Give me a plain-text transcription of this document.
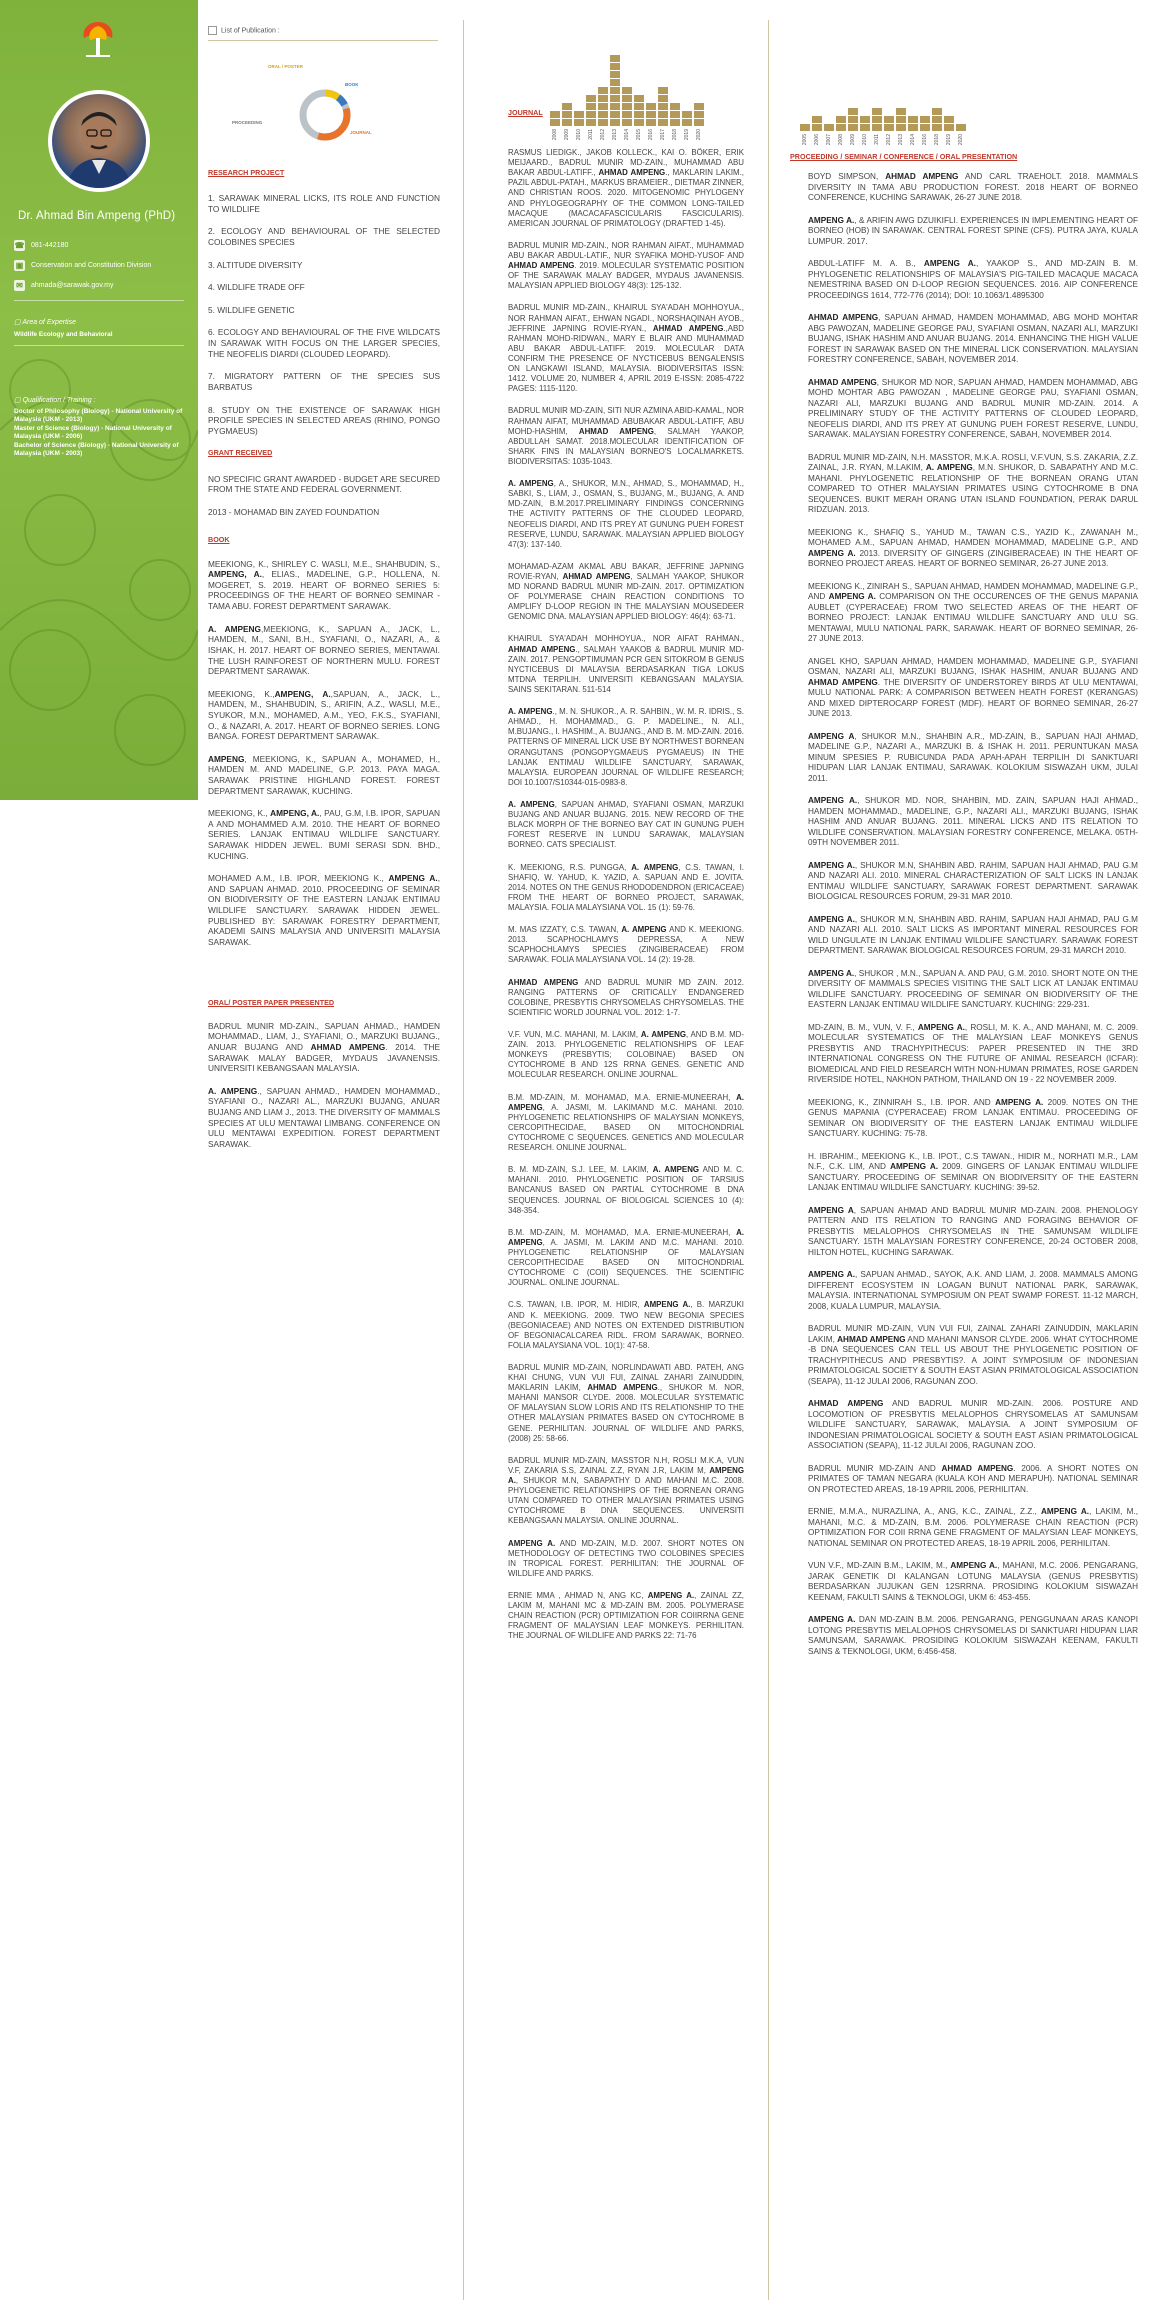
Dr. Ahmad Bin Ampeng (PhD)
☎ 081-442180
▣ Conservation and Constitution Division
✉	ahmada@sarawak.gov.my
▢ Area of Expertise
Wildlife Ecology and Behavioral
▢ Qualification / Training :
Doctor of Philosophy (Biology) - National University of Malaysia (UKM - 2013)
Master of Science (Biology) - National University of Malaysia (UKM - 2006)
Bachelor of Science (Biology) - National University of Malaysia (UKM - 2003)
List of Publication :
ORAL / POSTER
BOOK
PROCEEDING
JOURNAL
JOURNAL
2008 2009 2010 2011 2012 2013 2014 2015 2016 2017 2018 2019 2020	2005 2006 2007 2008 2009 2010 2011 2012 2013 2014 2016 2018 2019 2020
PROCEEDING / SEMINAR / CONFERENCE / ORAL PRESENTATION
RESEARCH PROJECT
1. SARAWAK MINERAL LICKS, ITS ROLE AND FUNCTION TO WILDLIFE
2. ECOLOGY AND BEHAVIOURAL OF THE SELECTED COLOBINES SPECIES
3. ALTITUDE DIVERSITY
4. WILDLIFE TRADE OFF
5. WILDLIFE GENETIC
6. ECOLOGY AND BEHAVIOURAL OF THE FIVE WILDCATS IN SARAWAK WITH FOCUS ON THE LARGER SPECIES, THE NEOFELIS DIARDI (CLOUDED LEOPARD).
7. MIGRATORY PATTERN OF THE SPECIES SUS BARBATUS
8. STUDY ON THE EXISTENCE OF SARAWAK HIGH PROFILE SPECIES IN SELECTED AREAS (RHINO, PONGO PYGMAEUS)
GRANT RECEIVED

NO SPECIFIC GRANT AWARDED - BUDGET ARE SECURED FROM THE STATE AND FEDERAL GOVERNMENT.

2013 - MOHAMAD BIN ZAYED FOUNDATION

BOOK

MEEKIONG, K., SHIRLEY C. WASLI, M.E., SHAHBUDIN, S., AMPENG, A., ELIAS., MADELINE, G.P., HOLLENA, N. MOGERET, S. 2019. HEART OF BORNEO SERIES 5: PROCEEDINGS OF THE HEART OF BORNEO SEMINAR - TAMA ABU. FOREST DEPARTMENT SARAWAK.

A. AMPENG,MEEKIONG, K., SAPUAN A., JACK, L., HAMDEN, M., SANI, B.H., SYAFIANI, O., NAZARI, A., & ISHAK, H. 2017. HEART OF BORNEO SERIES, MENTAWAI. THE LUSH RAINFOREST OF NORTHERN MULU. FOREST DEPARTMENT SARAWAK.

MEEKIONG, K.,AMPENG, A.,SAPUAN, A., JACK, L., HAMDEN, M., SHAHBUDIN, S., ARIFIN, A.Z., WASLI, M.E., SYUKOR, M.N., MOHAMED, A.M., YEO, F.K.S., SYAFIANI, O., & NAZARI, A. 2017. HEART OF BORNEO SERIES. LONG BANGA. FOREST DEPARTMENT SARAWAK.

AMPENG, MEEKIONG, K., SAPUAN A., MOHAMED, H., HAMDEN M. AND MADELINE, G.P. 2013. PAYA MAGA. SARAWAK PRISTINE HIGHLAND FOREST. FOREST DEPARTMENT SARAWAK, KUCHING.

MEEKIONG, K., AMPENG, A., PAU, G.M, I.B. IPOR, SAPUAN A AND MOHAMMED A.M. 2010. THE HEART OF BORNEO SERIES. LANJAK ENTIMAU WILDLIFE SANCTUARY. SARAWAK HIDDEN JEWEL. BUMI SERASI SDN. BHD., KUCHING.

MOHAMED A.M., I.B. IPOR, MEEKIONG K., AMPENG A., AND SAPUAN AHMAD. 2010. PROCEEDING OF SEMINAR ON BIODIVERSITY OF THE EASTERN LANJAK ENTIMAU WILDLIFE SANCTUARY. SARAWAK HIDDEN JEWEL. PUBLISHED BY: SARAWAK FORESTRY DEPARTMENT, AKADEMI SAINS MALAYSIA AND UNIVERSITI MALAYSIA SARAWAK.

ORAL/ POSTER PAPER PRESENTED

BADRUL MUNIR MD-ZAIN., SAPUAN AHMAD., HAMDEN MOHAMMAD., LIAM, J., SYAFIANI, O., MARZUKI BUJANG., ANUAR BUJANG AND AHMAD AMPENG. 2014. THE SARAWAK MALAY BADGER, MYDAUS JAVANENSIS. UNIVERSITI KEBANGSAAN MALAYSIA.

A. AMPENG., SAPUAN AHMAD., HAMDEN MOHAMMAD., SYAFIANI O., NAZARI AL., MARZUKI BUJANG, ANUAR BUJANG AND LIAM J., 2013. THE DIVERSITY OF MAMMALS SPECIES AT ULU MENTAWAI LIMBANG. CONFERENCE ON ULU MENTAWAI EXPEDITION. FOREST DEPARTMENT SARAWAK.

RASMUS LIEDIGK., JAKOB KOLLECK., KAI O. BÖKER, ERIK MEIJAARD., BADRUL MUNIR MD-ZAIN., MUHAMMAD ABU BAKAR ABDUL-LATIFF., AHMAD AMPENG., MAKLARIN LAKIM., PAZIL ABDUL-PATAH., MARKUS BRAMEIER., DIETMAR ZINNER, AND CHRISTIAN ROOS. 2020. MITOGENOMIC PHYLOGENY AND PHYLOGEOGRAPHY OF THE COMMON LONG-TAILED MACAQUE (MACACAFASCICULARIS FASCICULARIS). AMERICAN JOURNAL OF PRIMATOLOGY (DRAFTED 1-45).

BADRUL MUNIR MD-ZAIN., NOR RAHMAN AIFAT., MUHAMMAD ABU BAKAR ABDUL-LATIF., NUR SYAFIKA MOHD-YUSOF AND AHMAD AMPENG. 2019. MOLECULAR SYSTEMATIC POSITION OF THE SARAWAK MALAY BADGER, MYDAUS JAVANENSIS. MALAYSIAN APPLIED BIOLOGY 48(3): 125-132.

BADRUL MUNIR MD-ZAIN., KHAIRUL SYA'ADAH MOHHOYUA., NOR RAHMAN AIFAT., EHWAN NGADI., NORSHAQINAH AYOB., JEFFRINE JAPNING ROVIE-RYAN., AHMAD AMPENG.,ABD RAHMAN MOHD-RIDWAN., MARY E BLAIR AND MUHAMMAD ABU BAKAR ABDUL-LATIFF. 2019. MOLECULAR DATA CONFIRM THE PRESENCE OF NYCTICEBUS BENGALENSIS ON LANGKAWI ISLAND, MALAYSIA. BIODIVERSITAS ISSN: 1412. VOLUME 20, NUMBER 4, APRIL 2019 E-ISSN: 2085-4722 PAGES: 1115-1120.

BADRUL MUNIR MD-ZAIN, SITI NUR AZMINA ABID-KAMAL, NOR RAHMAN AIFAT, MUHAMMAD ABUBAKAR ABDUL-LATIFF, ABU MOHD-HASHIM, AHMAD AMPENG, SALMAH YAAKOP, ABDULLAH SAMAT. 2018.MOLECULAR IDENTIFICATION OF SHARK FINS IN MALAYSIAN BORNEO'S LOCALMARKETS. BIODIVERSITAS: 1035-1043.

A. AMPENG, A., SHUKOR, M.N., AHMAD, S., MOHAMMAD, H., SABKI, S., LIAM, J., OSMAN, S., BUJANG, M., BUJANG, A. AND MD-ZAIN, B.M.2017.PRELIMINARY FINDINGS CONCERNING THE ACTIVITY PATTERNS OF THE CLOUDED LEOPARD, NEOFELIS DIARDI, AND ITS PREY AT GUNUNG PUEH FOREST RESERVE, LUNDU, SARAWAK. MALAYSIAN APPLIED BIOLOGY 47(3): 137-140.

MOHAMAD-AZAM AKMAL ABU BAKAR, JEFFRINE JAPNING ROVIE-RYAN, AHMAD AMPENG, SALMAH YAAKOP, SHUKOR MD NORAND BADRUL MUNIR MD-ZAIN. 2017. OPTIMIZATION OF POLYMERASE CHAIN REACTION CONDITIONS TO AMPLIFY D-LOOP REGION IN THE MALAYSIAN MOUSEDEER GENOMIC DNA. MALAYSIAN APPLIED BIOLOGY: 46(4): 63-71.

KHAIRUL SYA'ADAH MOHHOYUA., NOR AIFAT RAHMAN., AHMAD AMPENG., SALMAH YAAKOB & BADRUL MUNIR MD-ZAIN. 2017. PENGOPTIMUMAN PCR GEN SITOKROM B GENUS NYCTICEBUS DI MALAYSIA BERDASARKAN TIGA LOKUS MTDNA TERPILIH. UNIVERSITI KEBANGSAAN MALAYSIA. SAINS SEKITARAN. 511-514

A. AMPENG., M. N. SHUKOR., A. R. SAHBIN., W. M. R. IDRIS., S. AHMAD., H. MOHAMMAD., G. P. MADELINE., N. ALI., M.BUJANG., I. HASHIM., A. BUJANG., AND B. M. MD-ZAIN. 2016. PATTERNS OF MINERAL LICK USE BY NORTHWEST BORNEAN ORANGUTANS (PONGOPYGMAEUS PYGMAEUS) IN THE LANJAK ENTIMAU WILDLIFE SANCTUARY, SARAWAK, MALAYSIA. EUROPEAN JOURNAL OF WILDLIFE RESEARCH; DOI 10.1007/S10344-015-0983-8.

A. AMPENG, SAPUAN AHMAD, SYAFIANI OSMAN, MARZUKI BUJANG AND ANUAR BUJANG. 2015. NEW RECORD OF THE BLACK MORPH OF THE BORNEO BAY CAT IN GUNUNG PUEH FOREST RESERVE IN LUNDU SARAWAK, MALAYSIAN BORNEO. CATS SPECIALIST.

K. MEEKIONG, R.S. PUNGGA, A. AMPENG, C.S. TAWAN, I. SHAFIQ, W. YAHUD, K. YAZID, A. SAPUAN AND E. JOVITA. 2014. NOTES ON THE GENUS RHODODENDRON (ERICACEAE) FROM THE HEART OF BORNEO PROJECT, SARAWAK, MALAYSIA. FOLIA MALAYSIANA VOL. 15 (1): 59-76.

M. MAS IZZATY, C.S. TAWAN, A. AMPENG AND K. MEEKIONG. 2013. SCAPHOCHLAMYS DEPRESSA, A NEW SCAPHOCHLAMYS SPECIES (ZINGIBERACEAE) FROM SARAWAK. FOLIA MALAYSIANA VOL. 14 (2): 19-28.

AHMAD AMPENG AND BADRUL MUNIR MD ZAIN. 2012. RANGING PATTERNS OF CRITICALLY ENDANGERED COLOBINE, PRESBYTIS CHRYSOMELAS CHRYSOMELAS. THE SCIENTIFIC WORLD JOURNAL VOL. 2012: 1-7.

V.F. VUN, M.C. MAHANI, M. LAKIM, A. AMPENG, AND B.M. MD-ZAIN. 2013. PHYLOGENETIC RELATIONSHIPS OF LEAF MONKEYS (PRESBYTIS; COLOBINAE) BASED ON CYTOCHROME B AND 12S RRNA GENES. GENETIC AND MOLECULAR RESEARCH. ONLINE JOURNAL.

B.M. MD-ZAIN, M. MOHAMAD, M.A. ERNIE-MUNEERAH, A. AMPENG, A. JASMI, M. LAKIMAND M.C. MAHANI. 2010. PHYLOGENETIC RELATIONSHIPS OF MALAYSIAN MONKEYS, CERCOPITHECIDAE, BASED ON MITOCHONDRIAL CYTOCHROME C SEQUENCES. GENETICS AND MOLECULAR RESEARCH. ONLINE JOURNAL.

B. M. MD-ZAIN, S.J. LEE, M. LAKIM, A. AMPENG AND M. C. MAHANI. 2010. PHYLOGENETIC POSITION OF TARSIUS BANCANUS BASED ON PARTIAL CYTOCHROME B DNA SEQUENCES. JOURNAL OF BIOLOGICAL SCIENCES 10 (4): 348-354.

B.M. MD-ZAIN, M. MOHAMAD, M.A. ERNIE-MUNEERAH, A. AMPENG, A. JASMI, M. LAKIM AND M.C. MAHANI. 2010. PHYLOGENETIC RELATIONSHIP OF MALAYSIAN CERCOPITHECIDAE BASED ON MITOCHONDRIAL CYTOCHROME C (COII) SEQUENCES. THE SCIENTIFIC JOURNAL. ONLINE JOURNAL.

C.S. TAWAN, I.B. IPOR, M. HIDIR, AMPENG A., B. MARZUKI AND K. MEEKIONG. 2009. TWO NEW BEGONIA SPECIES (BEGONIACEAE) AND NOTES ON EXTENDED DISTRIBUTION OF BEGONIACALCAREA RIDL. FROM SARAWAK, BORNEO. FOLIA MALAYSIANA VOL. 10(1): 47-58.

BADRUL MUNIR MD-ZAIN, NORLINDAWATI ABD. PATEH, ANG KHAI CHUNG, VUN VUI FUI, ZAINAL ZAHARI ZAINUDDIN, MAKLARIN LAKIM, AHMAD AMPENG., SHUKOR M. NOR, MAHANI MANSOR CLYDE. 2008. MOLECULAR SYSTEMATIC OF MALAYSIAN SLOW LORIS AND ITS RELATIONSHIP TO THE OTHER MALAYSIAN PRIMATES BASED ON CYTOCHROME B GENE. PERHILITAN. JOURNAL OF WILDLIFE AND PARKS, (2008) 25: 58-66.

BADRUL MUNIR MD-ZAIN, MASSTOR N.H, ROSLI M.K.A, VUN V.F, ZAKARIA S.S, ZAINAL Z.Z, RYAN J.R, LAKIM M, AMPENG A., SHUKOR M.N, SABAPATHY D AND MAHANI M.C. 2008. PHYLOGENETIC RELATIONSHIPS OF THE BORNEAN ORANG UTAN COMPARED TO OTHER MALAYSIAN PRIMATES USING CYTOCHROME B DNA SEQUENCES. UNIVERSITI KEBANGSAAN MALAYSIA. ONLINE JOURNAL.

AMPENG A. AND MD-ZAIN, M.D. 2007. SHORT NOTES ON METHODOLOGY OF DETECTING TWO COLOBINES SPECIES IN TROPICAL FOREST. PERHILITAN: THE JOURNAL OF WILDLIFE AND PARKS.

ERNIE MMA , AHMAD N, ANG KC, AMPENG A., ZAINAL ZZ, LAKIM M, MAHANI MC & MD-ZAIN BM. 2005. POLYMERASE CHAIN REACTION (PCR) OPTIMIZATION FOR COIIRRNA GENE FRAGMENT OF MALAYSIAN LEAF MONKEYS. PERHILITAN. THE JOURNAL OF WILDLIFE AND PARKS 22: 71-76

BOYD SIMPSON, AHMAD AMPENG AND CARL TRAEHOLT. 2018. MAMMALS DIVERSITY IN TAMA ABU PRODUCTION FOREST. 2018 HEART OF BORNEO CONFERENCE, KUCHING SARAWAK, 26-27 JUNE 2018.

AMPENG A., & ARIFIN AWG DZUIKIFLI. EXPERIENCES IN IMPLEMENTING HEART OF BORNEO (HOB) IN SARAWAK. CENTRAL FOREST SPINE (CFS). PUTRA JAYA, KUALA LUMPUR. 2017.

ABDUL-LATIFF M. A. B., AMPENG A., YAAKOP S., AND MD-ZAIN B. M. PHYLOGENETIC RELATIONSHIPS OF MALAYSIA'S PIG-TAILED MACAQUE MACACA NEMESTRINA BASED ON D-LOOP REGION SEQUENCES. 2016. AIP CONFERENCE PROCEEDINGS 1614, 772-776 (2014); DOI: 10.1063/1.4895300

AHMAD AMPENG, SAPUAN AHMAD, HAMDEN MOHAMMAD, ABG MOHD MOHTAR ABG PAWOZAN, MADELINE GEORGE PAU, SYAFIANI OSMAN, NAZARI ALI, MARZUKI BUJANG, ISHAK HASHIM AND ANUAR BUJANG. 2014. ENHANCING THE HIGH VALUE FOREST IN SARAWAK BASED ON THE MINERAL LICK CONSERVATION. MALAYSIAN FORESTRY CONFERENCE, SABAH, NOVEMBER 2014.

AHMAD AMPENG, SHUKOR MD NOR, SAPUAN AHMAD, HAMDEN MOHAMMAD, ABG MOHD MOHTAR ABG PAWOZAN , MADELINE GEORGE PAU, SYAFIANI OSMAN, NAZARI ALI, MARZUKI BUJANG AND BADRUL MUNIR MD-ZAIN. 2014. A PRELIMINARY STUDY OF THE ACTIVITY PATTERNS OF CLOUDED LEOPARD, NEOFELIS DIARDI, AND ITS PREY AT GUNUNG PUEH FOREST RESERVE, LUNDU, SARAWAK. MALAYSIAN FORESTRY CONFERENCE, SABAH, NOVEMBER 2014.

BADRUL MUNIR MD-ZAIN, N.H. MASSTOR, M.K.A. ROSLI, V.F.VUN, S.S. ZAKARIA, Z.Z. ZAINAL, J.R. RYAN, M.LAKIM, A. AMPENG, M.N. SHUKOR, D. SABAPATHY AND M.C. MAHANI. PHYLOGENETIC RELATIONSHIP OF THE BORNEAN ORANG UTAN COMPARED TO OTHER MALAYSIAN PRIMATES USING CYTOCHROME B DNA SEQUENCES. BUKIT MERAH ORANG UTAN ISLAND FOUNDATION, PERAK DARUL RIDZUAN. 2013.

MEEKIONG K., SHAFIQ S., YAHUD M., TAWAN C.S., YAZID K., ZAWANAH M., MOHAMED A.M., SAPUAN AHMAD, HAMDEN MOHAMMAD, MADELINE G.P., AND AMPENG A. 2013. DIVERSITY OF GINGERS (ZINGIBERACEAE) IN THE HEART OF BORNEO PROJECT AREAS. HEART OF BORNEO SEMINAR, 26-27 JUNE 2013.

MEEKIONG K., ZINIRAH S., SAPUAN AHMAD, HAMDEN MOHAMMAD, MADELINE G.P., AND AMPENG A. COMPARISON ON THE OCCURENCES OF THE GENUS MAPANIA AUBLET (CYPERACEAE) FROM TWO SELECTED AREAS OF THE HEART OF BORNEO PROJECT: LANJAK ENTIMAU WILDLIFE SANCTUARY AND ULU SG. MENTAWAI, MULU NATIONAL PARK, SARAWAK. HEART OF BORNEO SEMINAR, 26-27 JUNE 2013.

ANGEL KHO, SAPUAN AHMAD, HAMDEN MOHAMMAD, MADELINE G.P., SYAFIANI OSMAN, NAZARI ALI, MARZUKI BUJANG, ISHAK HASHIM, ANUAR BUJANG AND AHMAD AMPENG. THE DIVERSITY OF UNDERSTOREY BIRDS AT ULU MENTAWAI, MULU NATIONAL PARK: A COMPARISON BETWEEN HEATH FOREST (KERANGAS) AND MIXED DIPTEROCARP FOREST (MDF). HEART OF BORNEO SEMINAR, 26-27 JUNE 2013.

AMPENG A, SHUKOR M.N., SHAHBIN A.R., MD-ZAIN, B., SAPUAN HAJI AHMAD, MADELINE G.P., NAZARI A., MARZUKI B. & ISHAK H. 2011. PERUNTUKAN MASA MINUM SPESIES P. RUBICUNDA PADA APAH-APAH TERPILIH DI SANKTUARI HIDUPAN LIAR LANJAK ENTIMAU, SARAWAK. KOLOKIUM SISWAZAH UKM, JULAI 2011.

AMPENG A., SHUKOR MD. NOR, SHAHBIN, MD. ZAIN, SAPUAN HAJI AHMAD., HAMDEN MOHAMMAD., MADELINE, G.P., NAZARI ALI., MARZUKI BUJANG, ISHAK HASHIM AND ANUAR BUJANG. 2011. MINERAL LICKS AND ITS RELATION TO WILDLIFE CONSERVATION. MALAYSIAN FORESTRY CONFERENCE, MELAKA. 05TH-09TH NOVEMBER 2011.

AMPENG A., SHUKOR M.N, SHAHBIN ABD. RAHIM, SAPUAN HAJI AHMAD, PAU G.M AND NAZARI ALI. 2010. MINERAL CHARACTERIZATION OF SALT LICKS IN LANJAK ENTIMAU WILDLIFE SANCTUARY, SARAWAK FOREST DEPARTMENT. SARAWAK BIOLOGICAL RESOURCES FORUM, 29-31 MAR 2010.

AMPENG A., SHUKOR M.N, SHAHBIN ABD. RAHIM, SAPUAN HAJI AHMAD, PAU G.M AND NAZARI ALI. 2010. SALT LICKS AS IMPORTANT MINERAL RESOURCES FOR WILD UNGULATE IN LANJAK ENTIMAU WILDLIFE SANCTUARY. SARAWAK FOREST DEPARTMENT. SARAWAK BIOLOGICAL RESOURCES FORUM, 29-31 MARCH 2010.

AMPENG A., SHUKOR , M.N., SAPUAN A. AND PAU, G.M. 2010. SHORT NOTE ON THE DIVERSITY OF MAMMALS SPECIES VISITING THE SALT LICK AT LANJAK ENTIMAU WILDLIFE SANCTUARY. PROCEEDING OF SEMINAR ON BIODIVERSITY OF THE EASTERN LANJAK ENTIMAU WILDLIFE SANCTUARY. KUCHING: 229-231.

MD-ZAIN, B. M., VUN, V. F., AMPENG A., ROSLI, M. K. A., AND MAHANI, M. C. 2009. MOLECULAR SYSTEMATICS OF THE MALAYSIAN LEAF MONKEYS GENUS PRESBYTIS AND TRACHYPITHECUS: PAPER PRESENTED IN THE 3RD INTERNATIONAL CONGRESS ON THE FUTURE OF ANIMAL RESEARCH (ICFAR): BIOMEDICAL AND FIELD RESEARCH WITH NON-HUMAN PRIMATES, ROSE GARDEN RIVERSIDE HOTEL, NAKHON PATHOM, THAILAND ON 19 - 22 NOVEMBER 2009.

MEEKIONG, K., ZINNIRAH S., I.B. IPOR. AND AMPENG A. 2009. NOTES ON THE GENUS MAPANIA (CYPERACEAE) FROM LANJAK ENTIMAU. PROCEEDING OF SEMINAR ON BIODIVERSITY OF THE EASTERN LANJAK ENTIMAU WILDLIFE SANCTUARY. KUCHING: 75-78.

H. IBRAHIM., MEEKIONG K., I.B. IPOT., C.S TAWAN., HIDIR M., NORHATI M.R., LAM N.F., C.K. LIM, AND AMPENG A. 2009. GINGERS OF LANJAK ENTIMAU WILDLIFE SANCTUARY. PROCEEDING OF SEMINAR ON BIODIVERSITY OF THE EASTERN LANJAK ENTIMAU WILDLIFE SANCTUARY. KUCHING: 39-52.

AMPENG A, SAPUAN AHMAD AND BADRUL MUNIR MD-ZAIN. 2008. PHENOLOGY PATTERN AND ITS RELATION TO RANGING AND FORAGING BEHAVIOR OF PRESBYTIS MELALOPHOS CHRYSOMELAS IN THE SAMUNSAM WILDLIFE SANCTUARY. 15TH MALAYSIAN FORESTRY CONFERENCE, 20-24 OCTOBER 2008, HILTON HOTEL, KUCHING SARAWAK.

AMPENG A., SAPUAN AHMAD., SAYOK, A.K. AND LIAM, J. 2008. MAMMALS AMONG DIFFERENT ECOSYSTEM IN LOAGAN BUNUT NATIONAL PARK, SARAWAK, MALAYSIA. INTERNATIONAL SYMPOSIUM ON PEAT SWAMP FOREST. 11-12 MARCH, 2008, KUALA LUMPUR, MALAYSIA.

BADRUL MUNIR MD-ZAIN, VUN VUI FUI, ZAINAL ZAHARI ZAINUDDIN, MAKLARIN LAKIM, AHMAD AMPENG AND MAHANI MANSOR CLYDE. 2006. WHAT CYTOCHROME -B DNA SEQUENCES CAN TELL US ABOUT THE PHYLOGENETIC POSITION OF TRACHYPITHECUS AND PRESBYTIS?. A JOINT SYMPOSIUM OF INDONESIAN PRIMATOLOGICAL SOCIETY & SOUTH EAST ASIAN PRIMATOLOGICAL ASSOCIATION (SEAPA), 11-12 JULAI 2006, RAGUNAN ZOO.

AHMAD AMPENG AND BADRUL MUNIR MD-ZAIN. 2006. POSTURE AND LOCOMOTION OF PRESBYTIS MELALOPHOS CHRYSOMELAS AT SAMUNSAM WILDLIFE SANCTUARY, SARAWAK, MALAYSIA. A JOINT SYMPOSIUM OF INDONESIAN PRIMATOLOGICAL SOCIETY & SOUTH EAST ASIAN PRIMATOLOGICAL ASSOCIATION (SEAPA), 11-12 JULAI 2006, RAGUNAN ZOO.

BADRUL MUNIR MD-ZAIN AND AHMAD AMPENG. 2006. A SHORT NOTES ON PRIMATES OF TAMAN NEGARA (KUALA KOH AND MERAPUH). NATIONAL SEMINAR ON PROTECTED AREAS, 18-19 APRIL 2006, PERHILITAN.

ERNIE, M.M.A., NURAZLINA, A., ANG, K.C., ZAINAL, Z.Z., AMPENG A., LAKIM, M., MAHANI, M.C. & MD-ZAIN, B.M. 2006. POLYMERASE CHAIN REACTION (PCR) OPTIMIZATION FOR COII RRNA GENE FRAGMENT OF MALAYSIAN LEAF MONKEYS, NATIONAL SEMINAR ON PROTECTED AREAS, 18-19 APRIL 2006, PERHILITAN.

VUN V.F., MD-ZAIN B.M., LAKIM, M., AMPENG A., MAHANI, M.C. 2006. PENGARANG, JARAK GENETIK DI KALANGAN LOTUNG MALAYSIA (GENUS PRESBYTIS) BERDASARKAN JUJUKAN GEN 12SRRNA. PROSIDING KOLOKIUM SISWAZAH KEENAM, FAKULTI SAINS & TEKNOLOGI, UKM 6: 453-455.

AMPENG A. DAN MD-ZAIN B.M. 2006. PENGARANG, PENGGUNAAN ARAS KANOPI LOTONG PRESBYTIS MELALOPHOS CHRYSOMELAS DI SANKTUARI HIDUPAN LIAR SAMUNSAM, SARAWAK. PROSIDING KOLOKIUM SISWAZAH KEENAM, FAKULTI SAINS & TEKNOLOGI, UKM, 6:456-458.
